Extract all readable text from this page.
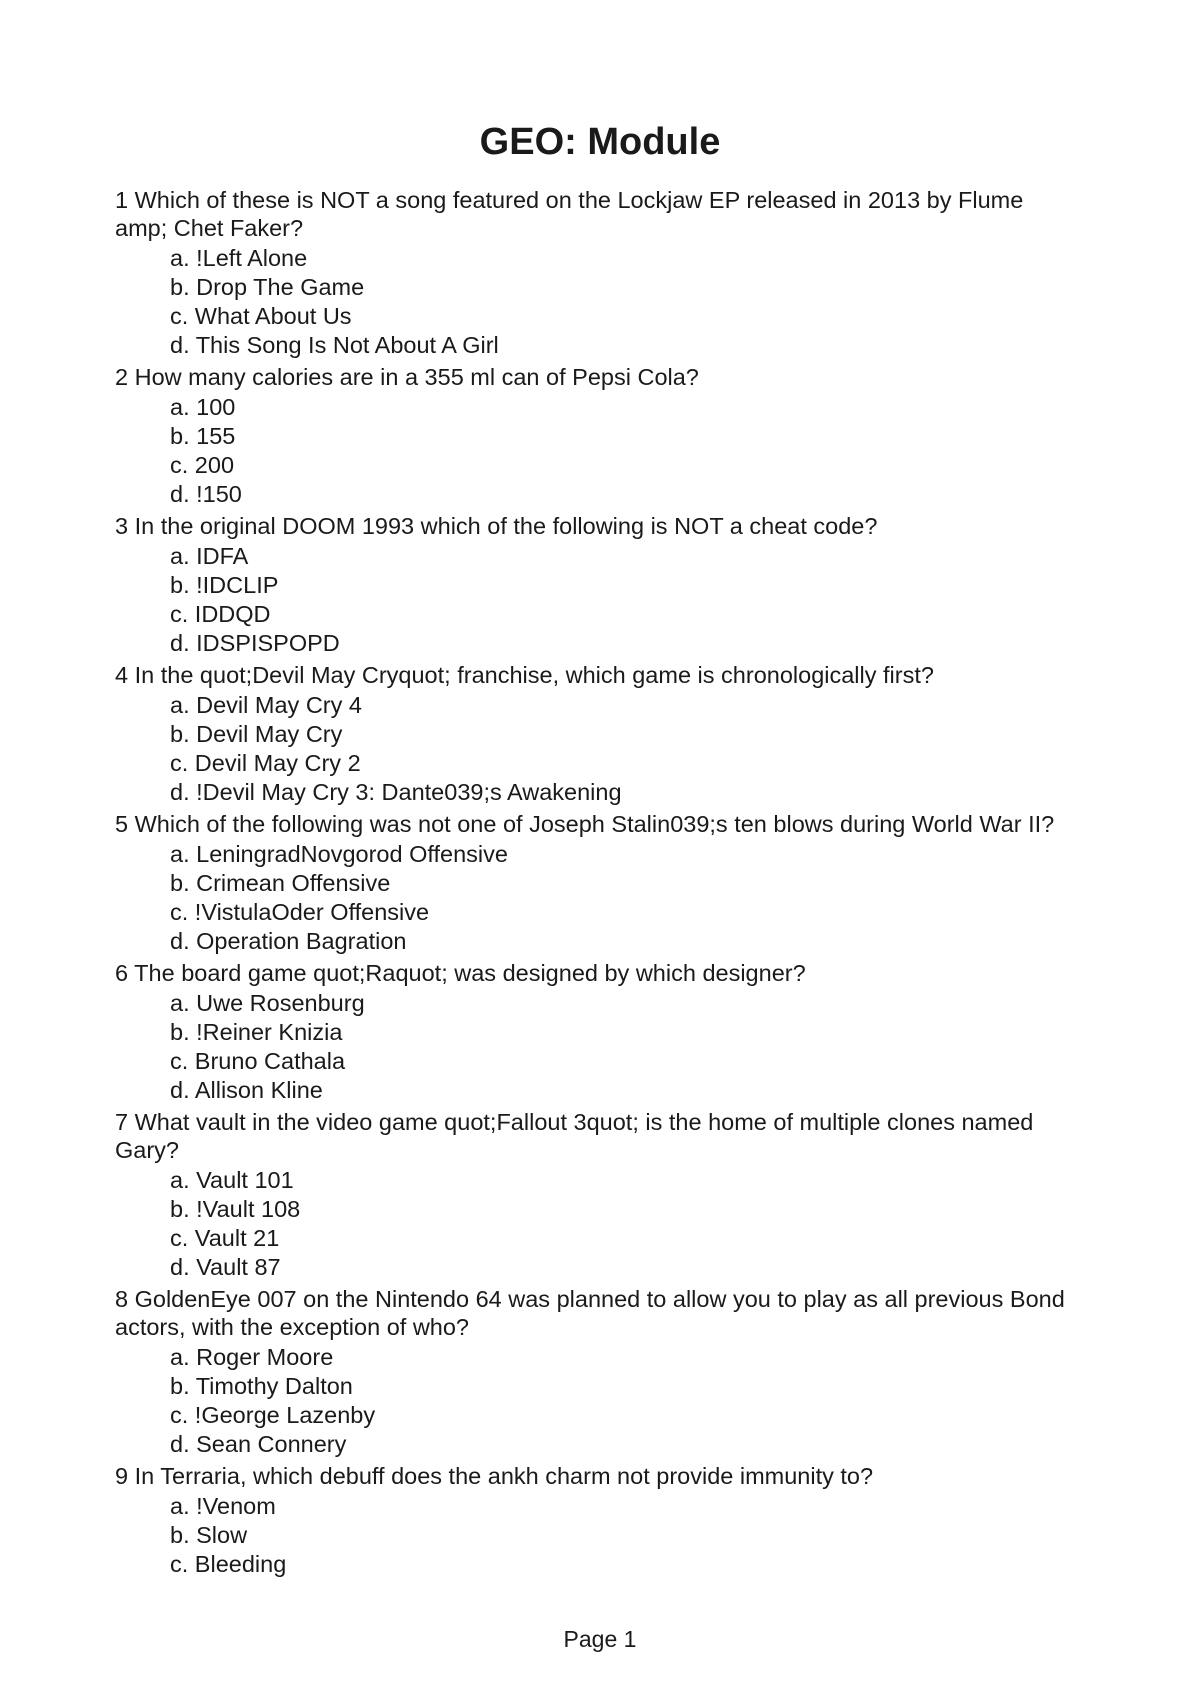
GEO: Module

1 Which of these is NOT a song featured on the Lockjaw EP released in 2013 by Flume amp; Chet Faker?

a. !Left Alone
b. Drop The Game
c. What About Us
d. This Song Is Not About A Girl

2 How many calories are in a 355 ml can of Pepsi Cola?

a. 100
b. 155
c. 200
d. !150

3 In the original DOOM 1993 which of the following is NOT a cheat code?

a. IDFA
b. !IDCLIP
c. IDDQD
d. IDSPISPOPD

4 In the quot;Devil May Cryquot; franchise, which game is chronologically first?

a. Devil May Cry 4
b. Devil May Cry
c. Devil May Cry 2
d. !Devil May Cry 3: Dante039;s Awakening

5 Which of the following was not one of Joseph Stalin039;s ten blows during World War II?

a. LeningradNovgorod Offensive
b. Crimean Offensive
c. !VistulaOder Offensive
d. Operation Bagration

6 The board game quot;Raquot; was designed by which designer?

a. Uwe Rosenburg
b. !Reiner Knizia
c. Bruno Cathala
d. Allison Kline

7 What vault in the video game quot;Fallout 3quot; is the home of multiple clones named Gary?

a. Vault 101
b. !Vault 108
c. Vault 21
d. Vault 87

8 GoldenEye 007 on the Nintendo 64 was planned to allow you to play as all previous Bond actors, with the exception of who?

a. Roger Moore
b. Timothy Dalton
c. !George Lazenby
d. Sean Connery

9 In Terraria, which debuff does the ankh charm not provide immunity to?

a. !Venom
b. Slow
c. Bleeding
Page 1
